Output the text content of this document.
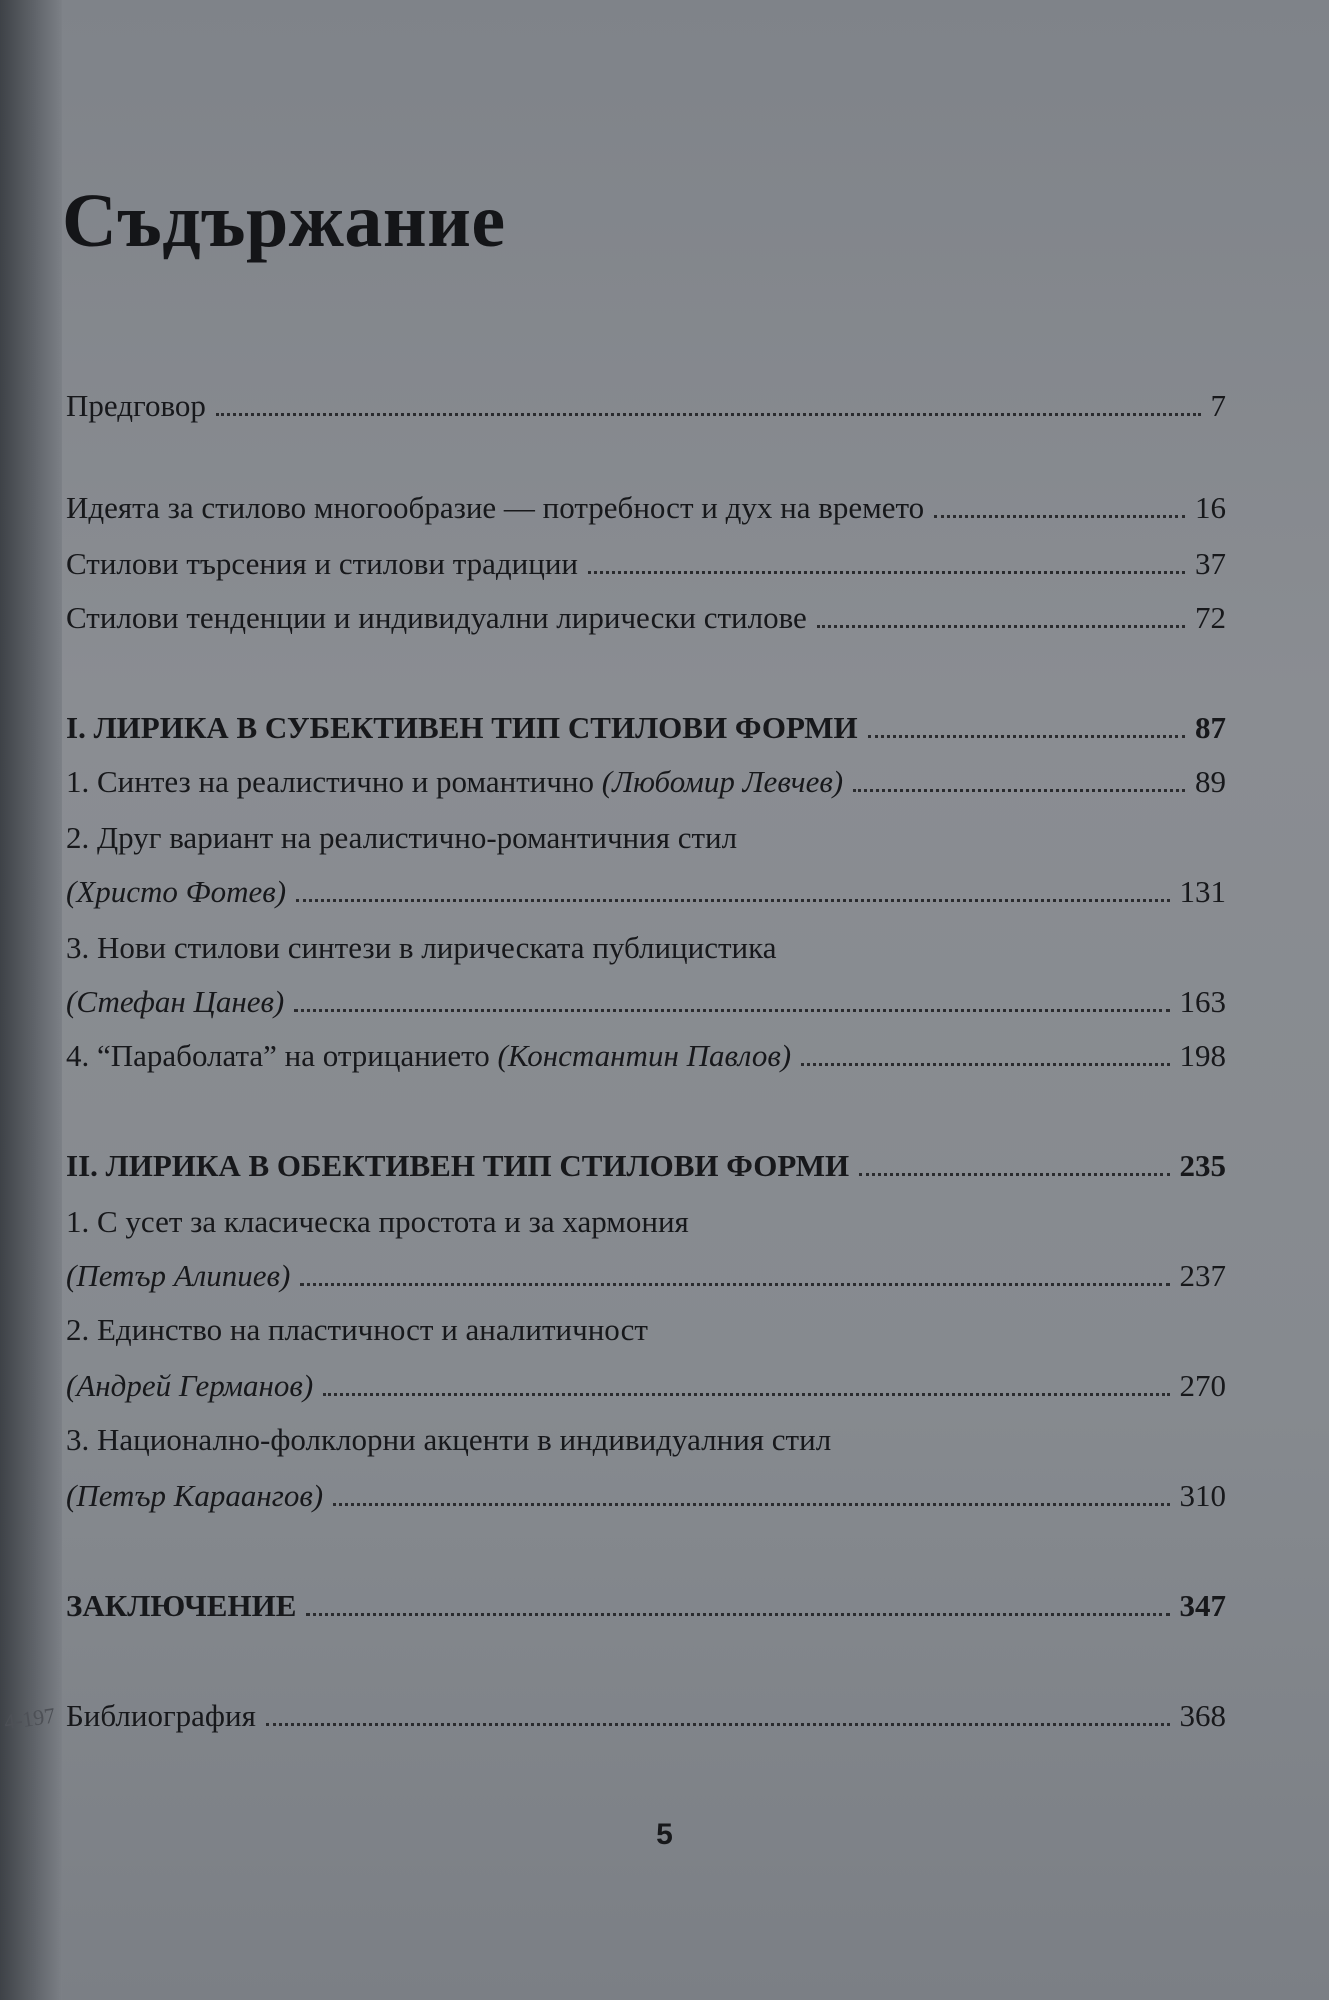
Съдържание
Предговор	7
Идеята за стилово многообразие — потребност и дух на времето	16
Стилови търсения и стилови традиции	37
Стилови тенденции и индивидуални лирически стилове	72
І. ЛИРИКА В СУБЕКТИВЕН ТИП СТИЛОВИ ФОРМИ	87
1. Синтез на реалистично и романтично (Любомир Левчев)	89
2. Друг вариант на реалистично-романтичния стил
(Христо Фотев)	131
3. Нови стилови синтези в лирическата публицистика
(Стефан Цанев)	163
4. “Параболата” на отрицанието (Константин Павлов)	198
ІІ. ЛИРИКА В ОБЕКТИВЕН ТИП СТИЛОВИ ФОРМИ	235
1. С усет за класическа простота и за хармония
(Петър Алипиев)	237
2. Единство на пластичност и аналитичност
(Андрей Германов)	270
3. Национално-фолклорни акценти в индивидуалния стил
(Петър Караангов)	310
ЗАКЛЮЧЕНИЕ	347
Библиография	368
4-197
5
